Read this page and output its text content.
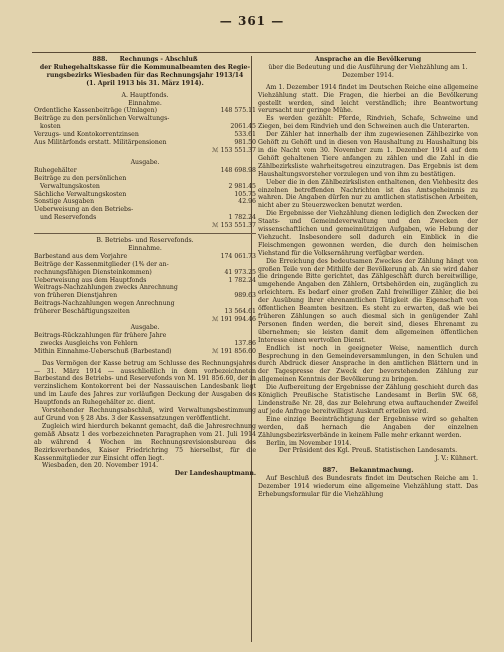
— 361 —
888. Rechnungs - Abschluß
der Ruhegehaltskasse für die Kommunalbeamten des Regie-
rungsbezirks Wiesbaden für das Rechnungsjahr 1913/14
(1. April 1913 bis 31. März 1914).
A. Hauptfonds.
Einnahme.
Ordentliche Kassenbeiträge (Umlagen)	148 575.11
Beiträge zu den persönlichen Verwaltungs-
kosten	2061.45
Verzugs- und Kontokorrentzinsen	533.61
Aus Militärfonds erstatt. Militärpensionen	981.50
ℳ 153 551.37
Ausgabe.
Ruhegehälter	148 698.98
Beiträge zu den persönlichen
Verwaltungskosten	2 981.45
Sächliche Verwaltungskosten	105.75
Sonstige Ausgaben	42.96
Ueberweisung an den Betriebs-
und Reservefonds	1 782.24
ℳ 153 551.37
B. Betriebs- und Reservefonds.
Einnahme.
Barbestand aus dem Vorjahre	174 061.73
Beiträge der Kassenmitglieder (1% der an-
rechnungsfähigen Diensteinkommen)	41 973.25
Ueberweisung aus dem Hauptfonds	1 782.24
Weitrags-Nachzahlungen zwecks Anrechnung
von früheren Dienstjahren	989.63
Beitrags-Nachzahlungen wegen Anrechnung
früherer Beschäftigungszeiten	13 564.61
ℳ 191 994.46
Ausgabe.
Beitrags-Rückzahlungen für frühere Jahre
zwecks Ausgleichs von Fehlern	137.86
Mithin Einnahme-Ueberschuß (Barbestand)	ℳ 191 856.60
Das Vermögen der Kasse betrug am Schlusse des Rechnungsjahres — 31. März 1914 — ausschließlich in dem vorbezeichneten Barbestand des Betriebs- und Reservefonds von M. 191 856.60, der in verzinslichem Kontokorrent bei der Nassauischen Landesbank liegt und im Laufe des Jahres zur vorläufigen Deckung der Ausgaben des Hauptfonds an Ruhegehälter zc. dient.
Vorstehender Rechnungsabschluß, wird Verwaltungsbestimmung auf Grund von § 28 Abs. 3 der Kassensatzungen veröffentlicht.
Zugleich wird hierdurch bekannt gemacht, daß die Jahresrechnung gemäß Absatz 1 des vorbezeichneten Paragraphen vom 21. Juli 1914 ab während 4 Wochen im Rechnungsrevisionsbureau des Bezirksverbandes, Kaiser Friedrichring 75 hierselbst, für die Kassenmitglieder zur Einsicht offen liegt.
Wiesbaden, den 20. November 1914.
Der Landeshauptmann.
Ansprache an die Bevölkerung
über die Bedeutung und die Ausführung der Viehzählung am 1. Dezember 1914.
Am 1. Dezember 1914 findet im Deutschen Reiche eine allgemeine Viehzählung statt. Die Fragen, die hierbei an die Bevölkerung gestellt werden, sind leicht verständlich; ihre Beantwortung verursacht nur geringe Mühe.
Es werden gezählt: Pferde, Rindvieh, Schafe, Schweine und Ziegen, bei dem Rindvieh und den Schweinen auch die Unterarten.
Der Zähler hat innerhalb der ihm zugewiesenen Zählbezirke von Gehöft zu Gehöft und in diesen von Haushaltung zu Haushaltung bis in die Nacht vom 30. November zum 1. Dezember 1914 auf dem Gehöft gehaltenen Tiere anfangen zu zählen und die Zahl in die Zählbezirksliste wahrheitsgetreu einzutragen. Das Ergebnis ist dem Haushaltungsvorsteher vorzulegen und von ihm zu bestätigen.
Ueber die in den Zählbezirkslisten enthaltenen, den Viehbesitz des einzelnen betreffenden Nachrichten ist das Amtsgeheimnis zu wahren. Die Angaben dürfen nur zu amtlichen statistischen Arbeiten, nicht aber zu Steuerzwecken benutzt werden.
Die Ergebnisse der Viehzählung dienen lediglich den Zwecken der Staats- und Gemeindeverwaltung und den Zwecken der wissenschaftlichen und gemeinnützigen Aufgaben, wie Hebung der Viehzucht. Insbesondere soll dadurch ein Einblick in die Fleischmengen gewonnen werden, die durch den heimischen Viehstand für die Volksernährung verfügbar werden.
Die Erreichung des bedeutsamen Zweckes der Zählung hängt von großen Teile von der Mithilfe der Bevölkerung ab. An sie wird daher die dringende Bitte gerichtet, das Zählgeschäft durch bereitwillige, umgehende Angaben den Zählern, Ortsbehörden ein, zugänglich zu erleichtern. Es bedarf einer großen Zahl freiwilliger Zähler, die bei der Ausübung ihrer ehrenamtlichen Tätigkeit die Eigenschaft von öffentlichen Beamten besitzen. Es steht zu erwarten, daß wie bei früheren Zählungen so auch diesmal sich in genügender Zahl Personen finden werden, die bereit sind, dieses Ehrenamt zu übernehmen; sie leisten damit dem allgemeinen öffentlichen Interesse einen wertvollen Dienst.
Endlich ist noch in geeigneter Weise, namentlich durch Besprechung in den Gemeindeversammlungen, in den Schulen und durch Abdruck dieser Ansprache in den amtlichen Blättern und in der Tagespresse der Zweck der bevorstehenden Zählung zur allgemeinen Kenntnis der Bevölkerung zu bringen.
Die Aufbereitung der Ergebnisse der Zählung geschieht durch das Königlich Preußische Statistische Landesamt in Berlin SW. 68, Lindenstraße Nr. 28, das zur Belehrung etwa auftauchender Zweifel auf jede Anfrage bereitwilligst Auskunft erteilen wird.
Eine einzige Beeinträchtigung der Ergebnisse wird so gehalten werden, daß hernach die Angaben der einzelnen Zählungsbezirksverbände in keinem Falle mehr erkannt werden.
Berlin, im November 1914.
Der Präsident des Kgl. Preuß. Statistischen Landesamts.
J. V.: Kühnert.
887. Bekanntmachung.
Auf Beschluß des Bundesrats findet im Deutschen Reiche am 1. Dezember 1914 wiederum eine allgemeine Viehzählung statt. Das Erhebungsformular für die Viehzählung
